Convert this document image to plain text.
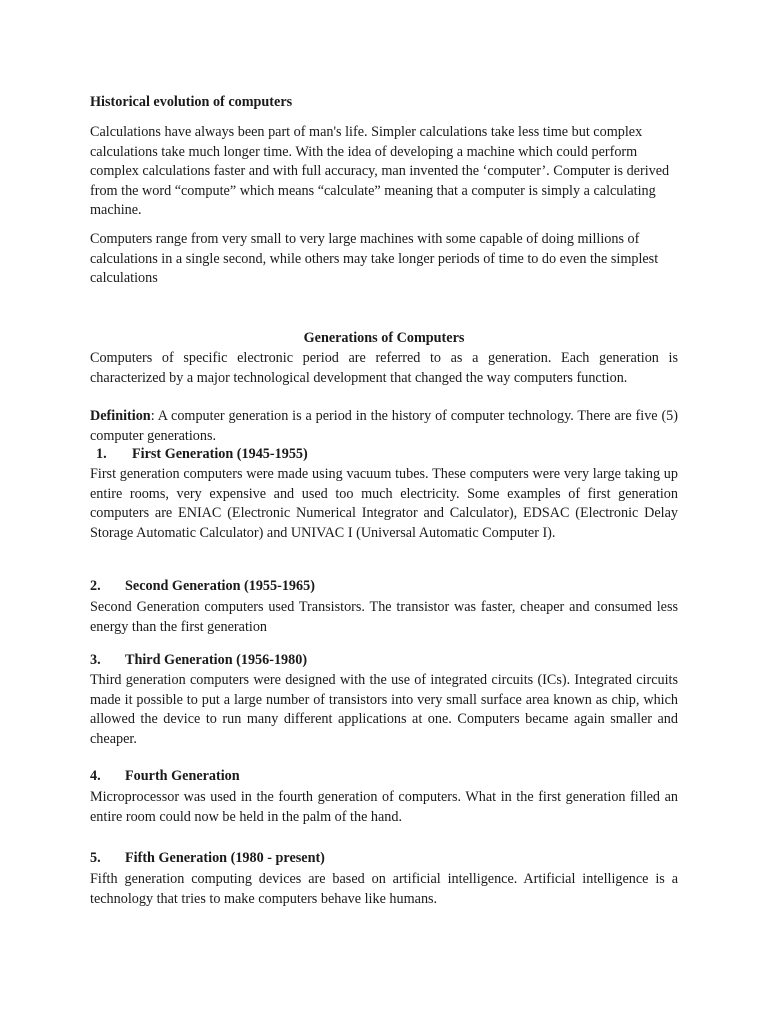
Historical evolution of computers

Calculations have always been part of man's life. Simpler calculations take less time but complex calculations take much longer time. With the idea of developing a machine which could perform complex calculations faster and with full accuracy, man invented the ‘computer’. Computer is derived from the word “compute” which means “calculate” meaning that a computer is simply a calculating machine.

Computers range from very small to very large machines with some capable of doing millions of calculations in a single second, while others may take longer periods of time to do even the simplest calculations

Generations of Computers

Computers of specific electronic period are referred to as a generation. Each generation is characterized by a major technological development that changed the way computers function.

Definition: A computer generation is a period in the history of computer technology. There are five (5) computer generations.

1. First Generation (1945-1955)

First generation computers were made using vacuum tubes. These computers were very large taking up entire rooms, very expensive and used too much electricity. Some examples of first generation computers are ENIAC (Electronic Numerical Integrator and Calculator), EDSAC (Electronic Delay Storage Automatic Calculator) and UNIVAC I (Universal Automatic Computer I).

2. Second Generation (1955-1965)

Second Generation computers used Transistors. The transistor was faster, cheaper and consumed less energy than the first generation

3. Third Generation (1956-1980)

Third generation computers were designed with the use of integrated circuits (ICs). Integrated circuits made it possible to put a large number of transistors into very small surface area known as chip, which allowed the device to run many different applications at one. Computers became again smaller and cheaper.

4. Fourth Generation

Microprocessor was used in the fourth generation of computers. What in the first generation filled an entire room could now be held in the palm of the hand.

5. Fifth Generation (1980 - present)

Fifth generation computing devices are based on artificial intelligence. Artificial intelligence is a technology that tries to make computers behave like humans.
